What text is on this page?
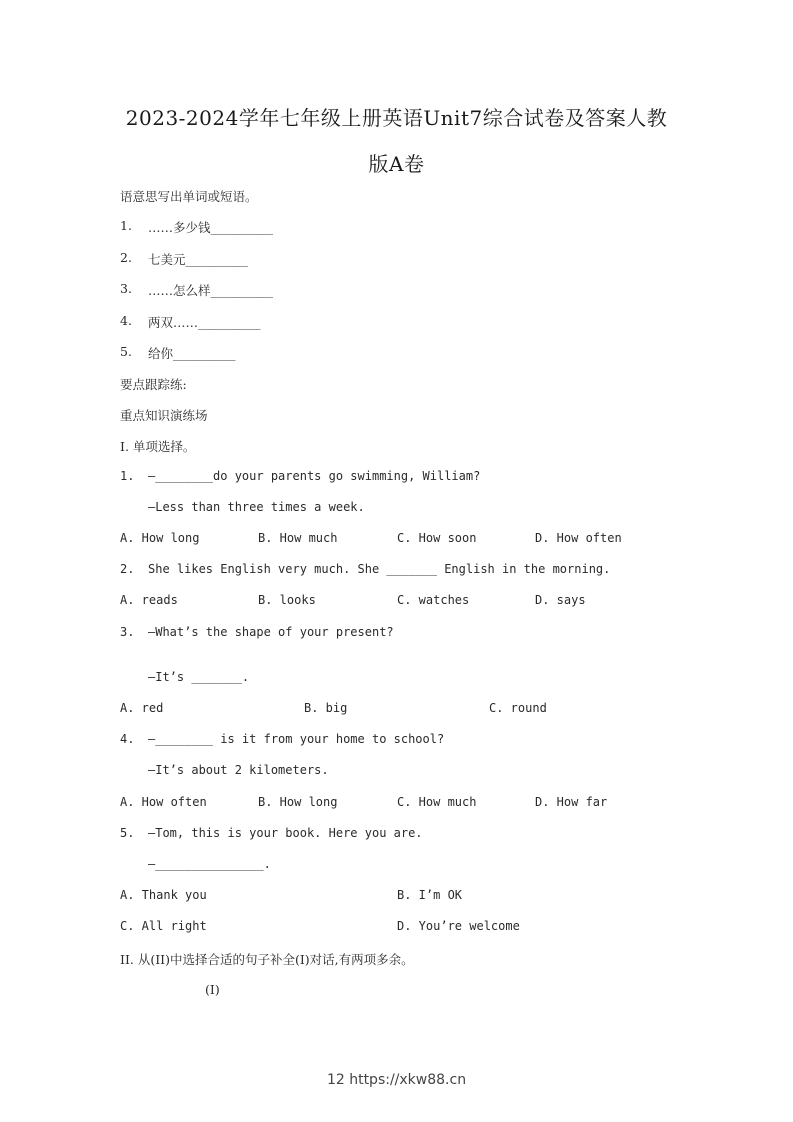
2023-2024学年七年级上册英语Unit7综合试卷及答案人教
版A卷
语意思写出单词或短语。
1. ……多少钱__________
2. 七美元__________
3. ……怎么样__________
4. 两双……__________
5. 给你__________
要点跟踪练:
重点知识演练场
I. 单项选择。
1. —________do your parents go swimming, William?
—Less than three times a week.
A. How long	B. How much	C. How soon	D. How often
2. She likes English very much. She _______ English in the morning.
A. reads	B. looks	C. watches	D. says
3. —What’s the shape of your present?
—It’s _______.
A. red	B. big	C. round
4. —________ is it from your home to school?
—It’s about 2 kilometers.
A. How often	B. How long	C. How much	D. How far
5. —Tom, this is your book. Here you are.
—_______________.
A. Thank you	B. I’m OK
C. All right	D. You’re welcome
II. 从(II)中选择合适的句子补全(I)对话,有两项多余。
(I)
12 https://xkw88.cn
